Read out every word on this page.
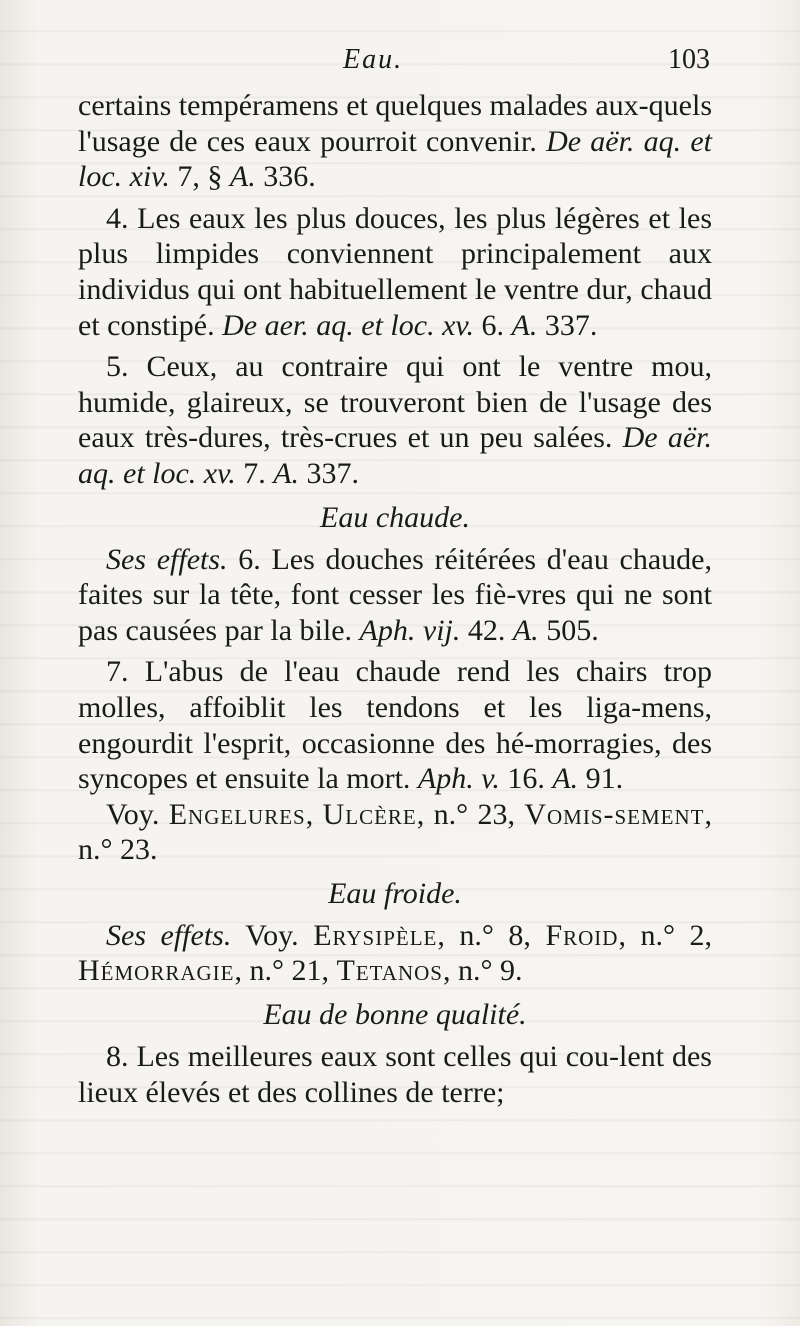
Eau.	103

certains tempéramens et quelques malades aux-quels l'usage de ces eaux pourroit convenir. De aër. aq. et loc. xiv. 7, § A. 336.

4. Les eaux les plus douces, les plus légères et les plus limpides conviennent principalement aux individus qui ont habituellement le ventre dur, chaud et constipé. De aer. aq. et loc. xv. 6. A. 337.

5. Ceux, au contraire qui ont le ventre mou, humide, glaireux, se trouveront bien de l'usage des eaux très-dures, très-crues et un peu salées. De aër. aq. et loc. xv. 7. A. 337.

Eau chaude.

Ses effets. 6. Les douches réitérées d'eau chaude, faites sur la tête, font cesser les fiè-vres qui ne sont pas causées par la bile. Aph. vij. 42. A. 505.

7. L'abus de l'eau chaude rend les chairs trop molles, affoiblit les tendons et les liga-mens, engourdit l'esprit, occasionne des hé-morragies, des syncopes et ensuite la mort. Aph. v. 16. A. 91.

Voy. Engelures, Ulcère, n.° 23, Vomis-sement, n.° 23.

Eau froide.

Ses effets. Voy. Erysipèle, n.° 8, Froid, n.° 2, Hémorragie, n.° 21, Tetanos, n.° 9.

Eau de bonne qualité.

8. Les meilleures eaux sont celles qui cou-lent des lieux élevés et des collines de terre;
